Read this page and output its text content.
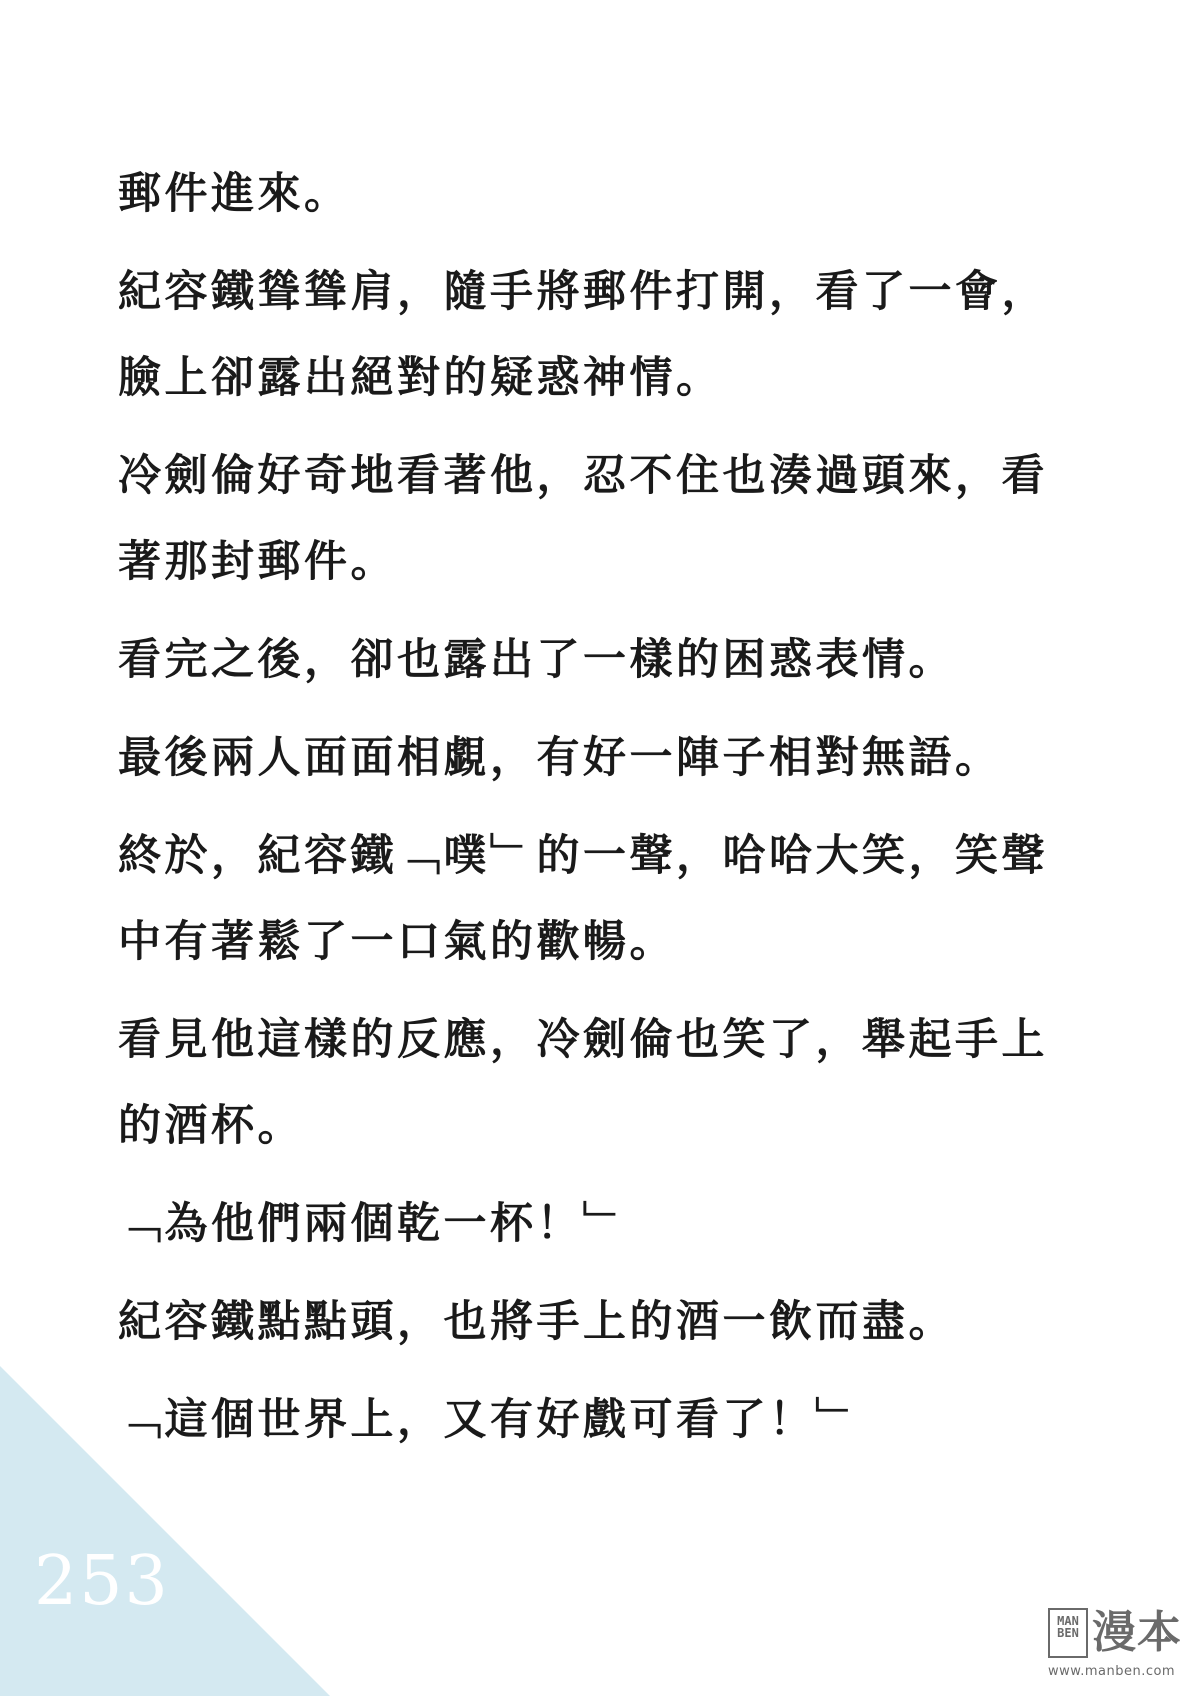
郵件進來。

紀容鐵聳聳肩，隨手將郵件打開，看了一會，

臉上卻露出絕對的疑惑神情。

冷劍倫好奇地看著他，忍不住也湊過頭來，看

著那封郵件。

看完之後，卻也露出了一樣的困惑表情。

最後兩人面面相覷，有好一陣子相對無語。

終於，紀容鐵﹁噗﹂的一聲，哈哈大笑，笑聲

中有著鬆了一口氣的歡暢。

看見他這樣的反應，冷劍倫也笑了，舉起手上

的酒杯。

﹁為他們兩個乾一杯！﹂

紀容鐵點點頭，也將手上的酒一飲而盡。

﹁這個世界上，又有好戲可看了！﹂

253	MAN BEN 漫本
www.manben.com
